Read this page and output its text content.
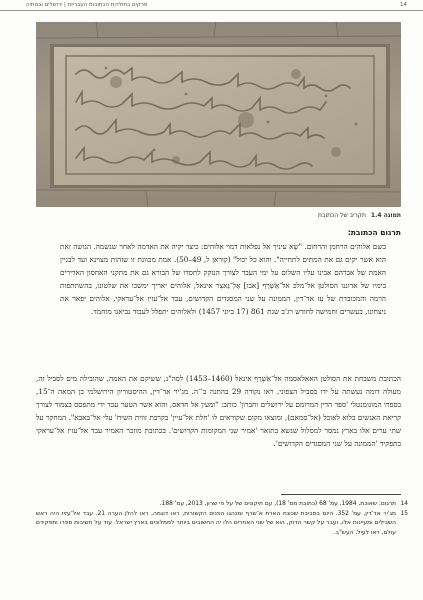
14
פרקים בתולדות הכתובות העבריות | ירושלים ובנותיה
תמונה 1.4 תקריב של הכתובת
תרגום הכתובת:

בשם אלוהים הרחמן והרחום. "שָׂא עיניך אל נפלאות דמוי אלוהים: כיצד יקיה את האדמה לאחר שנשמה. הנושה זאת הוא אשר יקים גם את המתים לתחייה". והוא כל יכול" (קוראן ל, 49–50). אמת מכוונת זו שזהות מצוינא ועד לבניין האמת של אברהם אבינו עליו השלום על ימי העבד לצורך הנזקק לחסדו של הבורא גם את מתקני האחסון האדירים בימיו של אדוננו הסולטן אל־מלכּ אל־אַשְׁרַף [אבו] אַלְ־נַּאצְר אינאל, אלוהים יאריך ימשכו את שלטונו, בהשתתפות הרמה והמכובדת של עז אד־דין, הממונה על שני המסגדים הקדושים, עבד אל־עזיז אל־עראקי, אלוהים יפאר את ניצחונו, בעשרים וחמישה לחודש רג'ב שנת 861 (17 ביוני 1457) ולאלוהים יתפלל לעבוד נביאנו מוחמד.

הכתובת משבחת את הסולטן האאלאסמה אל־אַשְׁרַף אינאל (1460–1453) לסה"נ, ששיקם את האמה, שהובילה מים לסביל זה, מעולה דומה נעשתה על ידו בסביל הצפוני, ראו נקודה 29 בהתנה ב'־ה. מג'יר אד־דין, ההיסטוריון הירושלמי בן המאה ה־15, בספרו המונומנטלי 'ספר הדין המרומם על ירושלים וחברון' כותב: "ומעין אל חדאס, והוא אשר הטער עבד ידי מתפסס בצמוד לצורך קריאת האנשים בלוא לאוכל (אל־סמאם), ומוצאו מקום שקוראים לו 'חלת אל־עיין' בקרבת זווית השיח' עלי אל־באבא". המחקר על שתי ערים אלו בארץ נמסר למסלול שנשא בתואר 'אמיר שני המקומות הקדושים'. בכתובת מוזכר האמיר עבד אל־עזיז אל־עראקי בתפקיד 'הממונה על שני המסגדים הקדושים'.

14
תרגום: שאוכת, 1984, עמ' 68 (כתובת מס' 18), עם תיקונים של על פי שרון, 2013, עמ' 188.
15
מג'יר אד־דין, עמ' 352. היום בסביבת שכונת הארת א־שרף ומנהגו הפנים הקשורות, ראו דוגמה, ראו להלן הערה 21. עבד אל־עזיז היה ראש השבילים ומעיינות אלו, ועבר על קשר הדוק, הוא של שני האחרים הלו יה החשובים ביותר לממלוכים בארץ ישראל. עוד על חשיבות ספרו ותפקידם עולם, ראו לעיל, העש"ב.
